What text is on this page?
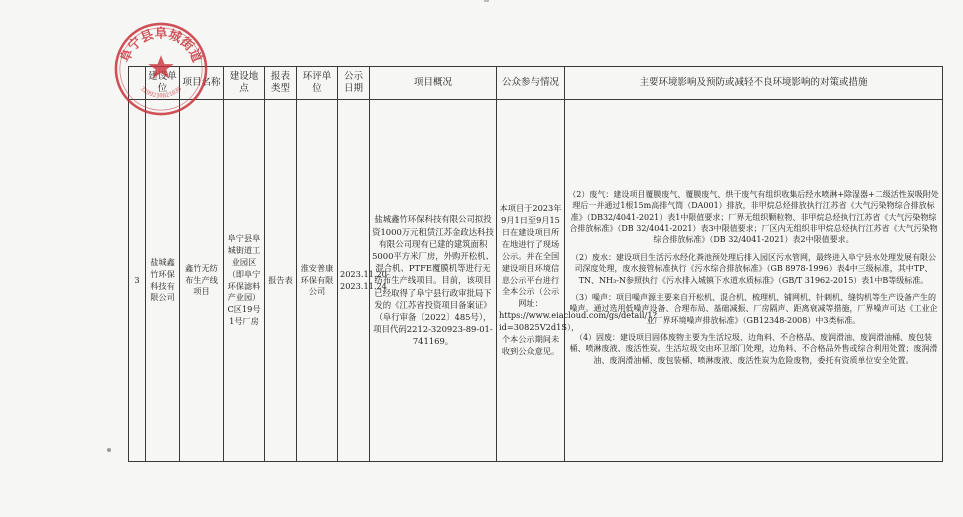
	建设单位	项目名称	建设地点	报表类型	环评单位	公示日期	项目概况	公众参与情况	主要环境影响及预防或减轻不良环境影响的对策或措施
3	盐城鑫竹环保科技有限公司	鑫竹无纺布生产线项目	阜宁县阜城街道工业园区（即阜宁环保滤料产业园）C区19号1号厂房	报告表	淮安普康环保有限公司	2023.11.20-2023.11.24	盐城鑫竹环保科技有限公司拟投资1000万元租赁江苏金政达科技有限公司现有已建的建筑面积5000平方米厂房，外购开松机、混合机、PTFE覆膜机等进行无纺布生产线项目。目前，该项目已经取得了阜宁县行政审批局下发的《江苏省投资项目备案证》（阜行审备〔2022〕485号），项目代码2212-320923-89-01-741169。	本项目于2023年9月1日至9月15日在建设项目所在地进行了现场公示。并在全国建设项目环境信息公示平台进行全本公示（公示网址：https://www.eiacloud.com/gs/detail/1?id=30825V2d1S），个本公示期间未收到公众意见。	（2）废气：建设项目覆膜废气、覆膜废气、烘干废气有组织收集后经水喷淋+除湿器+二级活性炭吸附处理后一并通过1根15m高排气筒（DA001）排放，非甲烷总烃排放执行江苏省《大气污染物综合排放标准》（DB32/4041-2021）表1中限值要求；厂界无组织颗粒物、非甲烷总烃执行江苏省《大气污染物综合排放标准》（DB 32/4041-2021）表3中限值要求；厂区内无组织非甲烷总烃执行江苏省《大气污染物综合排放标准》（DB 32/4041-2021）表2中限值要求。

（2）废水：建设项目生活污水经化粪池预处理后排入园区污水管网，最终进入阜宁县水处理发展有限公司深度处理，废水接管标准执行《污水综合排放标准》（GB 8978-1996）表4中三级标准，其中TP、TN、NH₃-N参照执行《污水排入城镇下水道水质标准》（GB/T 31962-2015）表1中B等级标准。

（3）噪声：项目噪声源主要来自开松机、混合机、梳理机、铺网机、针刺机、缝钩机等生产设备产生的噪声。通过选用低噪声设备、合理布局、基础减振、厂房隔声、距离衰减等措施，厂界噪声可达《工业企业厂界环境噪声排放标准》（GB12348-2008）中3类标准。

（4）固废：建设项目固体废物主要为生活垃圾、边角料、不合格品、废润滑油、废润滑油桶、废包装桶、喷淋废液、废活性炭。生活垃圾交由环卫部门处理，边角料、不合格品外售或综合利用处置；废润滑油、废润滑油桶、废包装桶、喷淋废液、废活性炭为危险废物，委托有资质单位安全处置。

阜宁县阜城街道
3209230021030
